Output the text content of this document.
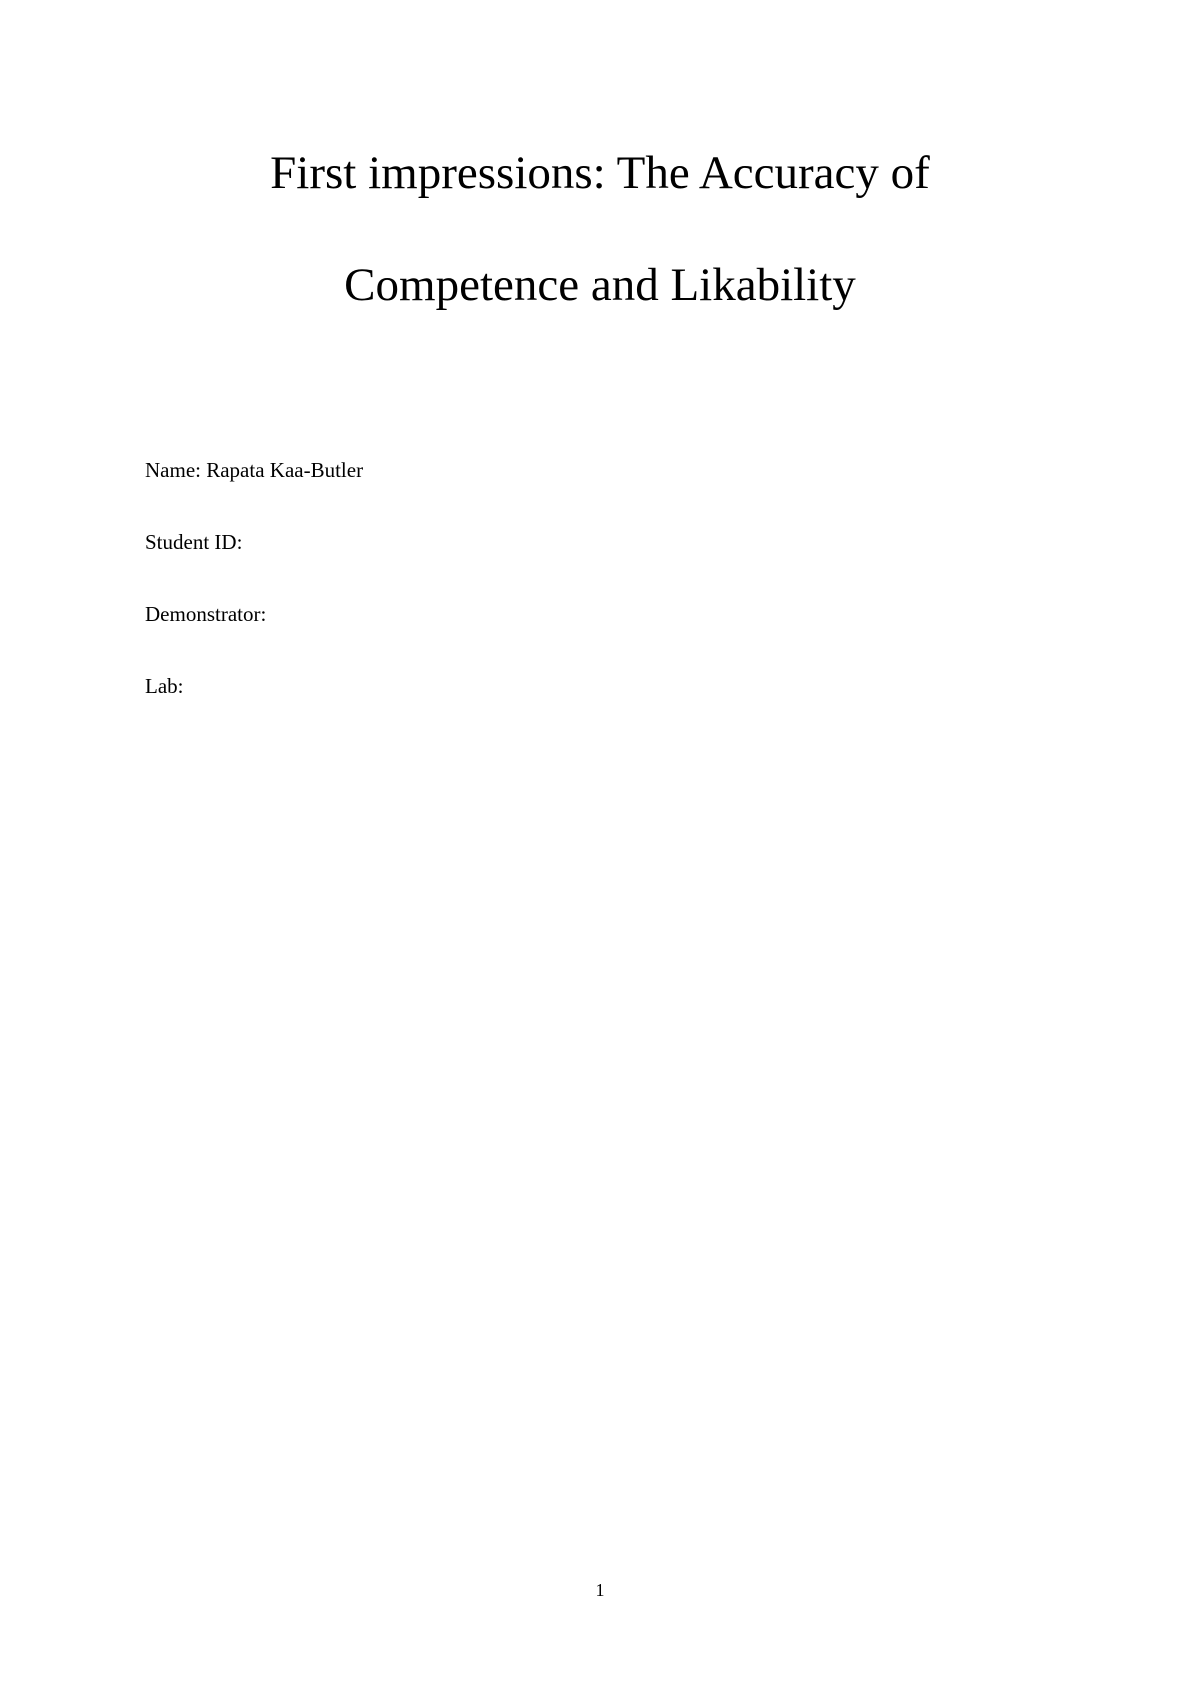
First impressions: The Accuracy of
Competence and Likability
Name: Rapata Kaa-Butler
Student ID:
Demonstrator:
Lab:
1
